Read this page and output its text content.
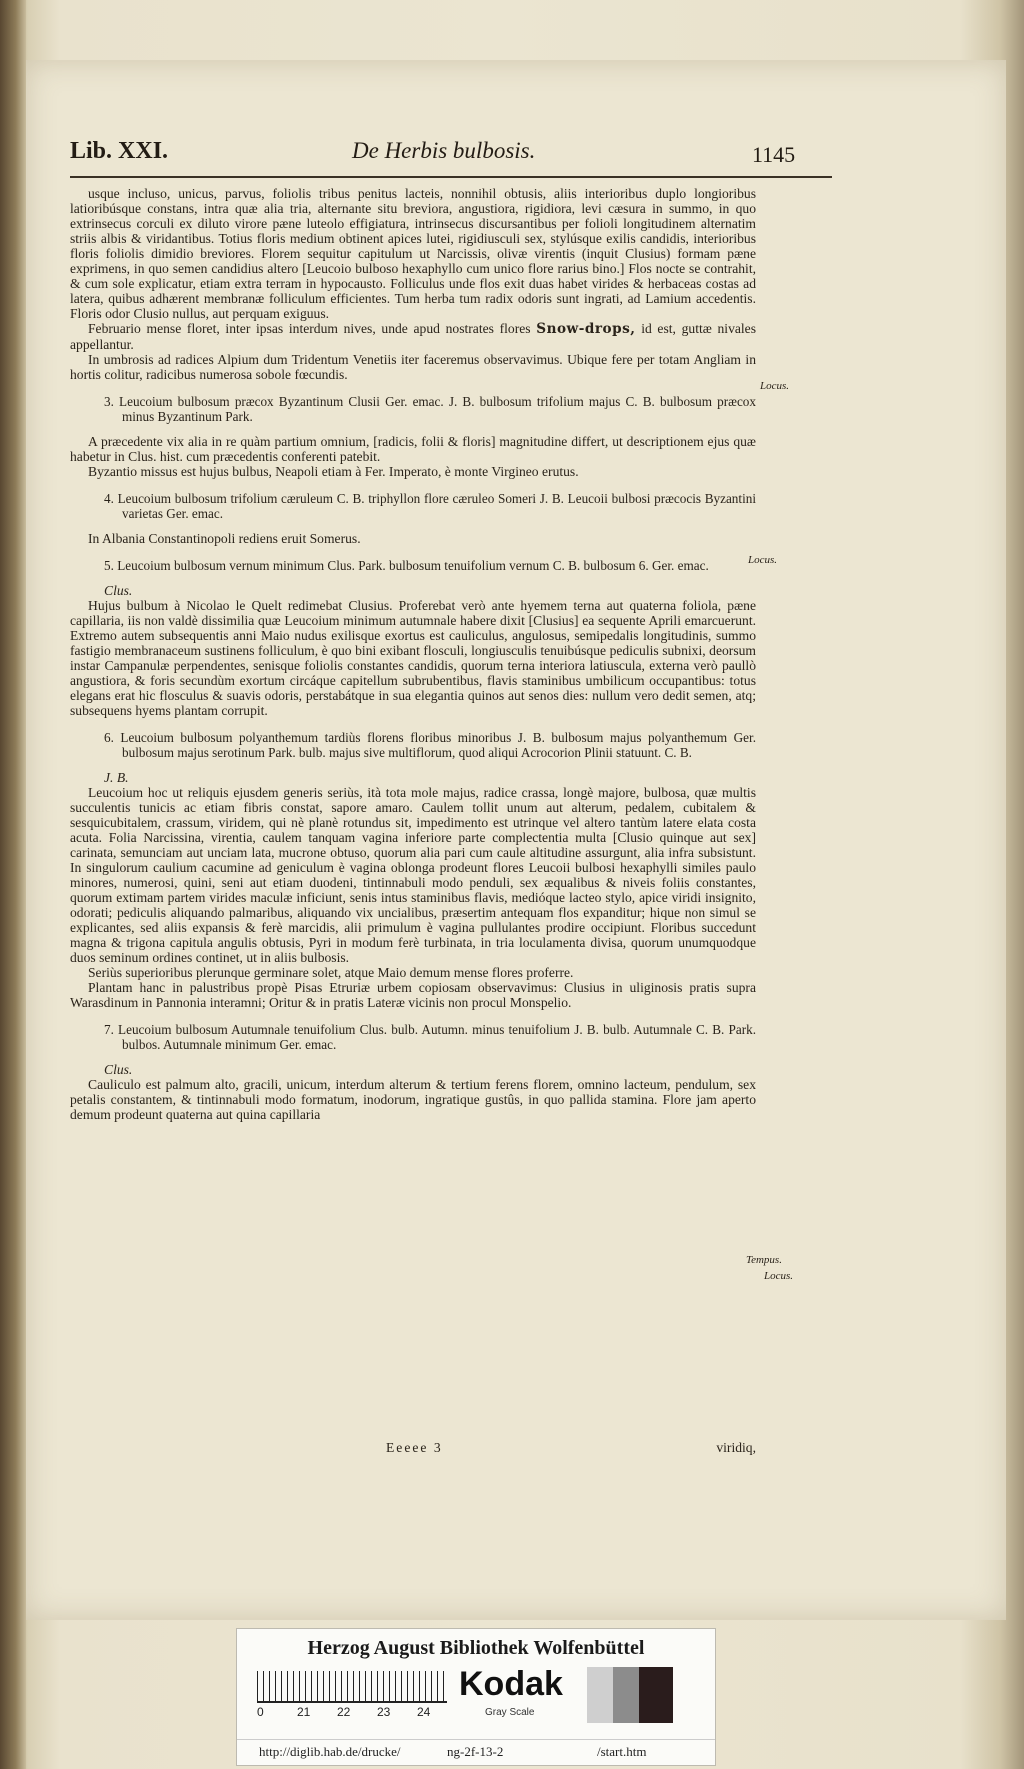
Lib. XXI.	De Herbis bulbosis.	1145

usque incluso, unicus, parvus, foliolis tribus penitus lacteis, nonnihil obtusis, aliis interioribus duplo longioribus latioribúsque constans, intra quæ alia tria, alternante situ breviora, angustiora, rigidiora, levi cæsura in summo, in quo extrinsecus corculi ex diluto virore pæne luteolo effigiatura, intrinsecus discursantibus per folioli longitudinem alternatim striis albis & viridantibus. Totius floris medium obtinent apices lutei, rigidiusculi sex, stylúsque exilis candidis, interioribus floris foliolis dimidio breviores. Florem sequitur capitulum ut Narcissis, olivæ virentis (inquit Clusius) formam pæne exprimens, in quo semen candidius altero [Leucoio bulboso hexaphyllo cum unico flore rarius bino.] Flos nocte se contrahit, & cum sole explicatur, etiam extra terram in hypocausto. Folliculus unde flos exit duas habet virides & herbaceas costas ad latera, quibus adhærent membranæ folliculum efficientes. Tum herba tum radix odoris sunt ingrati, ad Lamium accedentis. Floris odor Clusio nullus, aut perquam exiguus.

Februario mense floret, inter ipsas interdum nives, unde apud nostrates flores Snow-drops, id est, guttæ nivales appellantur.

In umbrosis ad radices Alpium dum Tridentum Venetiis iter faceremus observavimus. Ubique fere per totam Angliam in hortis colitur, radicibus numerosa sobole fœcundis.

3. Leucoium bulbosum præcox Byzantinum Clusii Ger. emac. J. B. bulbosum trifolium majus C. B. bulbosum præcox minus Byzantinum Park.

A præcedente vix alia in re quàm partium omnium, [radicis, folii & floris] magnitudine differt, ut descriptionem ejus quæ habetur in Clus. hist. cum præcedentis conferenti patebit.

Byzantio missus est hujus bulbus, Neapoli etiam à Fer. Imperato, è monte Virgineo erutus.

4. Leucoium bulbosum trifolium cæruleum C. B. triphyllon flore cæruleo Someri J. B. Leucoii bulbosi præcocis Byzantini varietas Ger. emac.

In Albania Constantinopoli rediens eruit Somerus.

5. Leucoium bulbosum vernum minimum Clus. Park. bulbosum tenuifolium vernum C. B. bulbosum 6. Ger. emac.
Clus.

Hujus bulbum à Nicolao le Quelt redimebat Clusius. Proferebat verò ante hyemem terna aut quaterna foliola, pæne capillaria, iis non valdè dissimilia quæ Leucoium minimum autumnale habere dixit [Clusius] ea sequente Aprili emarcuerunt. Extremo autem subsequentis anni Maio nudus exilisque exortus est cauliculus, angulosus, semipedalis longitudinis, summo fastigio membranaceum sustinens folliculum, è quo bini exibant flosculi, longiusculis tenuibúsque pediculis subnixi, deorsum instar Campanulæ perpendentes, senisque foliolis constantes candidis, quorum terna interiora latiuscula, externa verò paullò angustiora, & foris secundùm exortum circáque capitellum subrubentibus, flavis staminibus umbilicum occupantibus: totus elegans erat hic flosculus & suavis odoris, perstabátque in sua elegantia quinos aut senos dies: nullum vero dedit semen, atq; subsequens hyems plantam corrupit.

6. Leucoium bulbosum polyanthemum tardiùs florens floribus minoribus J. B. bulbosum majus polyanthemum Ger. bulbosum majus serotinum Park. bulb. majus sive multiflorum, quod aliqui Acrocorion Plinii statuunt. C. B.
J. B.

Leucoium hoc ut reliquis ejusdem generis seriùs, ità tota mole majus, radice crassa, longè majore, bulbosa, quæ multis succulentis tunicis ac etiam fibris constat, sapore amaro. Caulem tollit unum aut alterum, pedalem, cubitalem & sesquicubitalem, crassum, viridem, qui nè planè rotundus sit, impedimento est utrinque vel altero tantùm latere elata costa acuta. Folia Narcissina, virentia, caulem tanquam vagina inferiore parte complectentia multa [Clusio quinque aut sex] carinata, semunciam aut unciam lata, mucrone obtuso, quorum alia pari cum caule altitudine assurgunt, alia infra subsistunt. In singulorum caulium cacumine ad geniculum è vagina oblonga prodeunt flores Leucoii bulbosi hexaphylli similes paulo minores, numerosi, quini, seni aut etiam duodeni, tintinnabuli modo penduli, sex æqualibus & niveis foliis constantes, quorum extimam partem virides maculæ inficiunt, senis intus staminibus flavis, medióque lacteo stylo, apice viridi insignito, odorati; pediculis aliquando palmaribus, aliquando vix uncialibus, præsertim antequam flos expanditur; hique non simul se explicantes, sed aliis expansis & ferè marcidis, alii primulum è vagina pullulantes prodire occipiunt. Floribus succedunt magna & trigona capitula angulis obtusis, Pyri in modum ferè turbinata, in tria loculamenta divisa, quorum unumquodque duos seminum ordines continet, ut in aliis bulbosis.

Seriùs superioribus plerunque germinare solet, atque Maio demum mense flores proferre.

Plantam hanc in palustribus propè Pisas Etruriæ urbem copiosam observavimus: Clusius in uliginosis pratis supra Warasdinum in Pannonia interamni; Oritur & in pratis Lateræ vicinis non procul Monspelio.

7. Leucoium bulbosum Autumnale tenuifolium Clus. bulb. Autumn. minus tenuifolium J. B. bulb. Autumnale C. B. Park. bulbos. Autumnale minimum Ger. emac.
Clus.

Cauliculo est palmum alto, gracili, unicum, interdum alterum & tertium ferens florem, omnino lacteum, pendulum, sex petalis constantem, & tintinnabuli modo formatum, inodorum, ingratique gustûs, in quo pallida stamina. Flore jam aperto demum prodeunt quaterna aut quina capillaria

Locus.
Locus.
Tempus.
Locus.
Eeeee 3	viridiq,
Herzog August Bibliothek Wolfenbüttel
0	21 22 23 24
Kodak
Gray Scale
http://diglib.hab.de/drucke/	ng-2f-13-2	/start.htm
